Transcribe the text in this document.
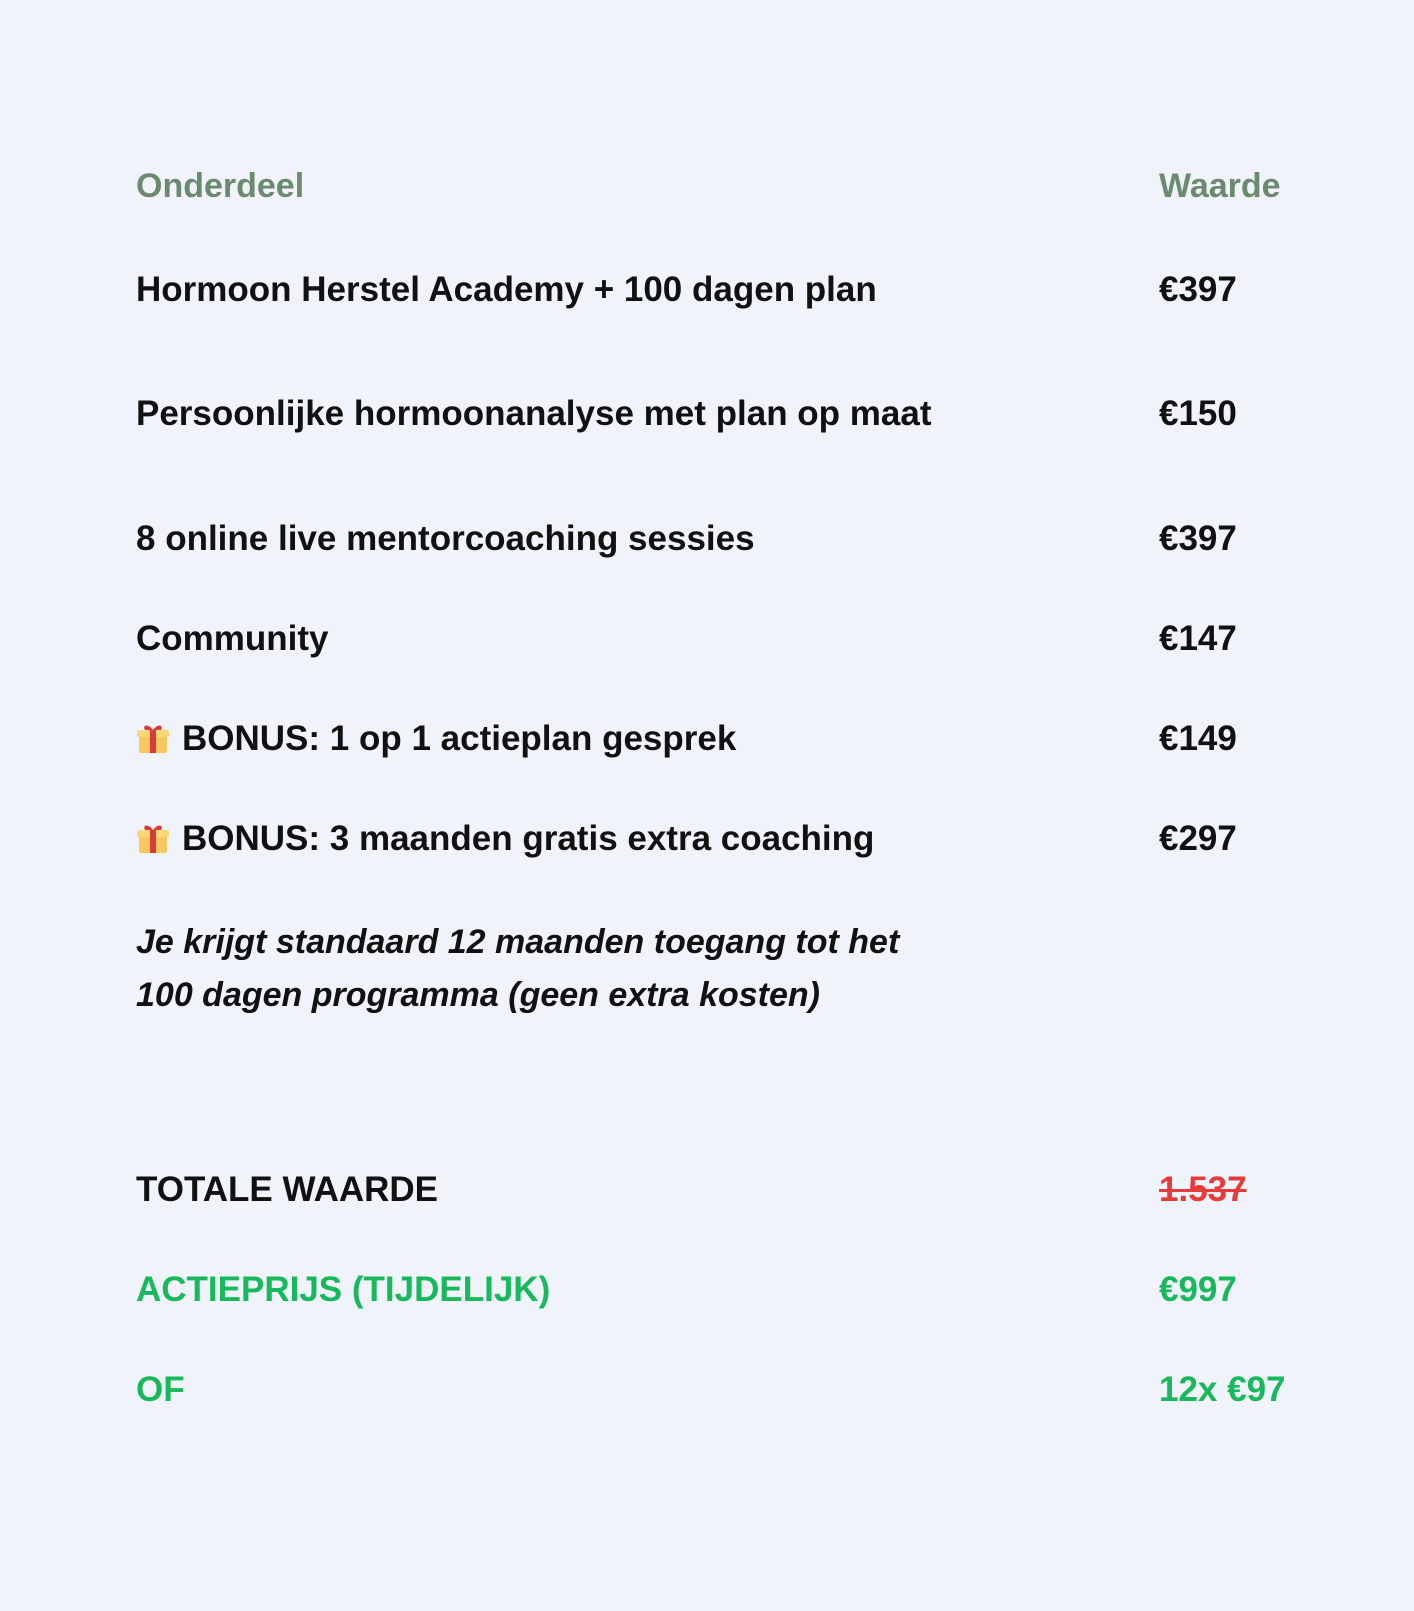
Onderdeel	Waarde
Hormoon Herstel Academy + 100 dagen plan	€397
Persoonlijke hormoonanalyse met plan op maat	€150
8 online live mentorcoaching sessies	€397
Community	€147
BONUS: 1 op 1 actieplan gesprek	€149
BONUS: 3 maanden gratis extra coaching	€297
Je krijgt standaard 12 maanden toegang tot het
100 dagen programma (geen extra kosten)
TOTALE WAARDE	1.537
ACTIEPRIJS (TIJDELIJK)	€997
OF	12x €97
